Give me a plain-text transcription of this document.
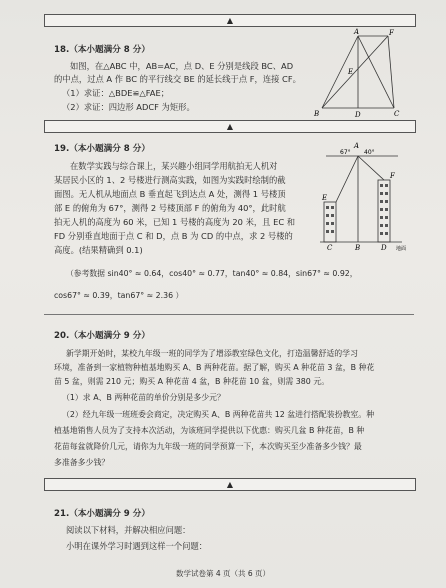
▲
18.（本小题满分 8 分）
如图，在△ABC 中，AB=AC，点 D、E 分别是线段 BC、AD
的中点，过点 A 作 BC 的平行线交 BE 的延长线于点 F，连接 CF。
（1）求证：△BDE≌△FAE；
（2）求证：四边形 ADCF 为矩形。
A	F
E
B	D	C
▲
19.（本小题满分 8 分）
在数学实践与综合课上，某兴趣小组同学用航拍无人机对
某居民小区的 1、2 号楼进行测高实践，如图为实践时绘制的截
面图。无人机从地面点 B 垂直起飞到达点 A 处，测得 1 号楼顶
部 E 的俯角为 67°，测得 2 号楼顶部 F 的俯角为 40°，此时航
拍无人机的高度为 60 米，已知 1 号楼的高度为 20 米，且 EC 和
FD 分别垂直地面于点 C 和 D，点 B 为 CD 的中点，求 2 号楼的
高度。(结果精确到 0.1)
（参考数据 sin40° ≈ 0.64，cos40° ≈ 0.77，tan40° ≈ 0.84，sin67° ≈ 0.92，
cos67° ≈ 0.39，tan67° ≈ 2.36 ）
67° 40°
A
E
F
C	B	D 地面
20.（本小题满分 9 分）
新学期开始时，某校九年级一班的同学为了增添教室绿色文化，打造温馨舒适的学习
环境，准备到一家植物种植基地购买 A、B 两种花苗。据了解，购买 A 种花苗 3 盆，B 种花
苗 5 盆，则需 210 元；购买 A 种花苗 4 盆，B 种花苗 10 盆，则需 380 元。
（1）求 A、B 两种花苗的单价分别是多少元？
（2）经九年级一班班委会商定，决定购买 A、B 两种花苗共 12 盆进行搭配装扮教室。种
植基地销售人员为了支持本次活动，为该班同学提供以下优惠：购买几盆 B 种花苗，B 种
花苗每盆就降价几元，请你为九年级一班的同学预算一下，本次购买至少准备多少钱？最
多准备多少钱？
▲
21.（本小题满分 9 分）
阅读以下材料，并解决相应问题：
小明在课外学习时遇到这样一个问题：
数学试卷第 4 页（共 6 页）
